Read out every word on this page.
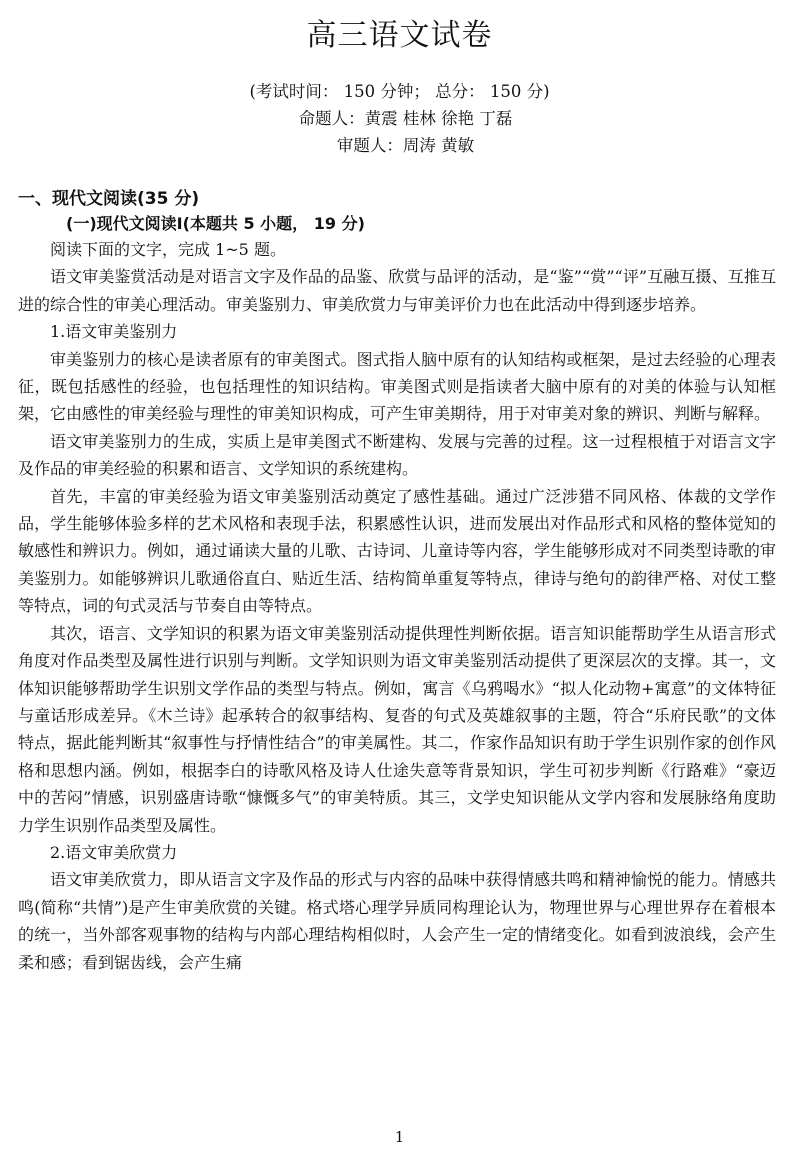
高三语文试卷
(考试时间： 150 分钟； 总分： 150 分)
命题人：黄震 桂林 徐艳 丁磊
审题人：周涛 黄敏
一、现代文阅读(35 分)
(一)现代文阅读I(本题共 5 小题， 19 分)

阅读下面的文字，完成 1~5 题。

语文审美鉴赏活动是对语言文字及作品的品鉴、欣赏与品评的活动，是“鉴”“赏”“评”互融互摄、互推互进的综合性的审美心理活动。审美鉴别力、审美欣赏力与审美评价力也在此活动中得到逐步培养。

1.语文审美鉴别力

审美鉴别力的核心是读者原有的审美图式。图式指人脑中原有的认知结构或框架，是过去经验的心理表征，既包括感性的经验，也包括理性的知识结构。审美图式则是指读者大脑中原有的对美的体验与认知框架，它由感性的审美经验与理性的审美知识构成，可产生审美期待，用于对审美对象的辨识、判断与解释。

语文审美鉴别力的生成，实质上是审美图式不断建构、发展与完善的过程。这一过程根植于对语言文字及作品的审美经验的积累和语言、文学知识的系统建构。

首先，丰富的审美经验为语文审美鉴别活动奠定了感性基础。通过广泛涉猎不同风格、体裁的文学作品，学生能够体验多样的艺术风格和表现手法，积累感性认识，进而发展出对作品形式和风格的整体觉知的敏感性和辨识力。例如，通过诵读大量的儿歌、古诗词、儿童诗等内容，学生能够形成对不同类型诗歌的审美鉴别力。如能够辨识儿歌通俗直白、贴近生活、结构简单重复等特点，律诗与绝句的韵律严格、对仗工整等特点，词的句式灵活与节奏自由等特点。

其次，语言、文学知识的积累为语文审美鉴别活动提供理性判断依据。语言知识能帮助学生从语言形式角度对作品类型及属性进行识别与判断。文学知识则为语文审美鉴别活动提供了更深层次的支撑。其一，文体知识能够帮助学生识别文学作品的类型与特点。例如，寓言《乌鸦喝水》“拟人化动物+寓意”的文体特征与童话形成差异。《木兰诗》起承转合的叙事结构、复沓的句式及英雄叙事的主题，符合“乐府民歌”的文体特点，据此能判断其“叙事性与抒情性结合”的审美属性。其二，作家作品知识有助于学生识别作家的创作风格和思想内涵。例如，根据李白的诗歌风格及诗人仕途失意等背景知识，学生可初步判断《行路难》“豪迈中的苦闷”情感，识别盛唐诗歌“慷慨多气”的审美特质。其三，文学史知识能从文学内容和发展脉络角度助力学生识别作品类型及属性。

2.语文审美欣赏力

语文审美欣赏力，即从语言文字及作品的形式与内容的品味中获得情感共鸣和精神愉悦的能力。情感共鸣(简称“共情”)是产生审美欣赏的关键。格式塔心理学异质同构理论认为，物理世界与心理世界存在着根本的统一，当外部客观事物的结构与内部心理结构相似时，人会产生一定的情绪变化。如看到波浪线，会产生柔和感；看到锯齿线，会产生痛

1
